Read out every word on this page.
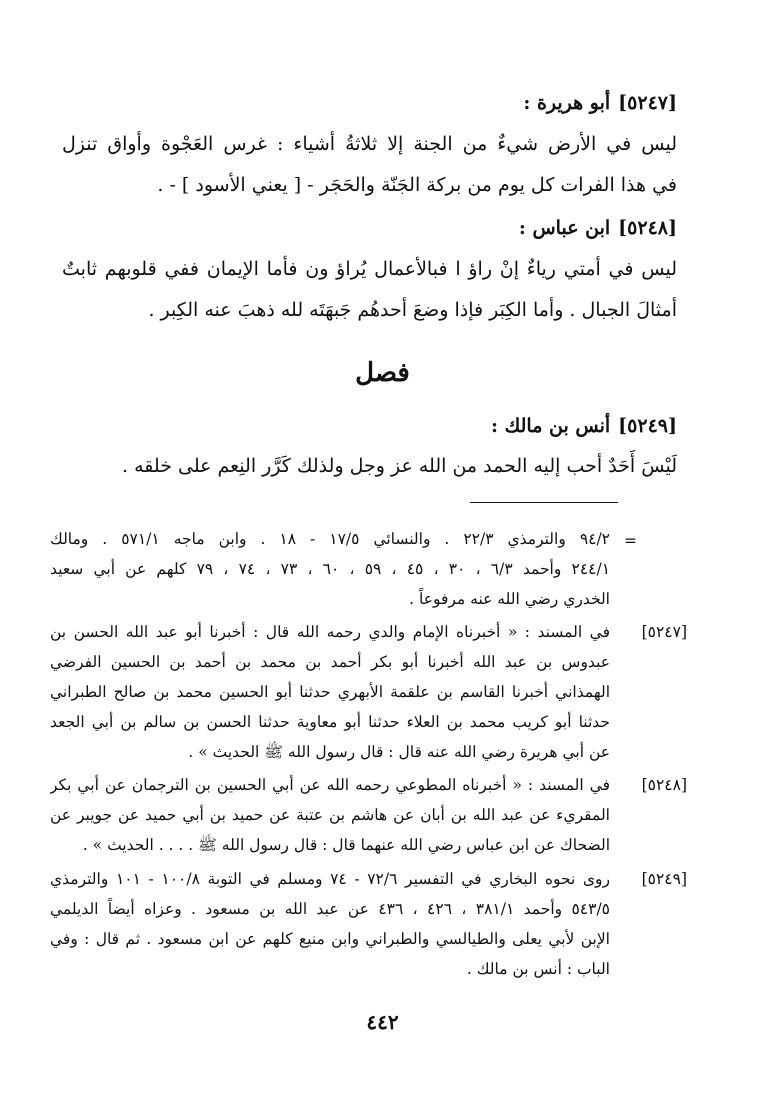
[٥٢٤٧]أبو هريرة :
ليس في الأرض شيءٌ من الجنة إلا ثلاثةُ أشياء : غرس العَجْوة وأواق تنزل
في هذا الفرات كل يوم من بركة الجَنّة والحَجَر - [ يعني الأسود ] - .
[٥٢٤٨]ابن عباس :
ليس في أمتي رياءٌ إنْ راؤ ا فبالأعمال يُراؤ ون فأما الإيمان ففي قلوبهم ثابتٌ
أمثالَ الجبال . وأما الكِبَر فإذا وضعَ أحدهُم جَبهَتَه لله ذهبَ عنه الكِبر .
فصل
[٥٢٤٩]أنس بن مالك :
لَيْسَ أَحَدٌ أحب إليه الحمد من الله عز وجل ولذلك كَرَّر النِعم على خلقه .
=
٩٤/٢ والترمذي ٢٢/٣ . والنسائي ١٧/٥ - ١٨ . وابن ماجه ٥٧١/١ . ومالك
٢٤٤/١ وأحمد ٦/٣ ، ٣٠ ، ٤٥ ، ٥٩ ، ٦٠ ، ٧٣ ، ٧٤ ، ٧٩ كلهم عن أبي سعيد
الخدري رضي الله عنه مرفوعاً .
[٥٢٤٧]
في المسند : « أخبرناه الإمام والدي رحمه الله قال : أخبرنا أبو عبد الله الحسن بن
عبدوس بن عبد الله أخبرنا أبو بكر أحمد بن محمد بن أحمد بن الحسين الفرضي
الهمذاني أخبرنا القاسم بن علقمة الأبهري حدثنا أبو الحسين محمد بن صالح الطبراني
حدثنا أبو كريب محمد بن العلاء حدثنا أبو معاوية حدثنا الحسن بن سالم بن أبي الجعد
عن أبي هريرة رضي الله عنه قال : قال رسول الله ﷺ الحديث » .
[٥٢٤٨]
في المسند : « أخبرناه المطوعي رحمه الله عن أبي الحسين بن الترجمان عن أبي بكر
المقريء عن عبد الله بن أبان عن هاشم بن عتبة عن حميد بن أبي حميد عن جويبر عن
الضحاك عن ابن عباس رضي الله عنهما قال : قال رسول الله ﷺ . . . . الحديث » .
[٥٢٤٩]
روى نحوه البخاري في التفسير ٧٢/٦ - ٧٤ ومسلم في التوبة ١٠٠/٨ - ١٠١ والترمذي
٥٤٣/٥ وأحمد ٣٨١/١ ، ٤٢٦ ، ٤٣٦ عن عبد الله بن مسعود . وعزاه أيضاً الديلمي
الإبن لأبي يعلى والطيالسي والطبراني وابن منيع كلهم عن ابن مسعود . ثم قال : وفي
الباب : أنس بن مالك .
٤٤٢
